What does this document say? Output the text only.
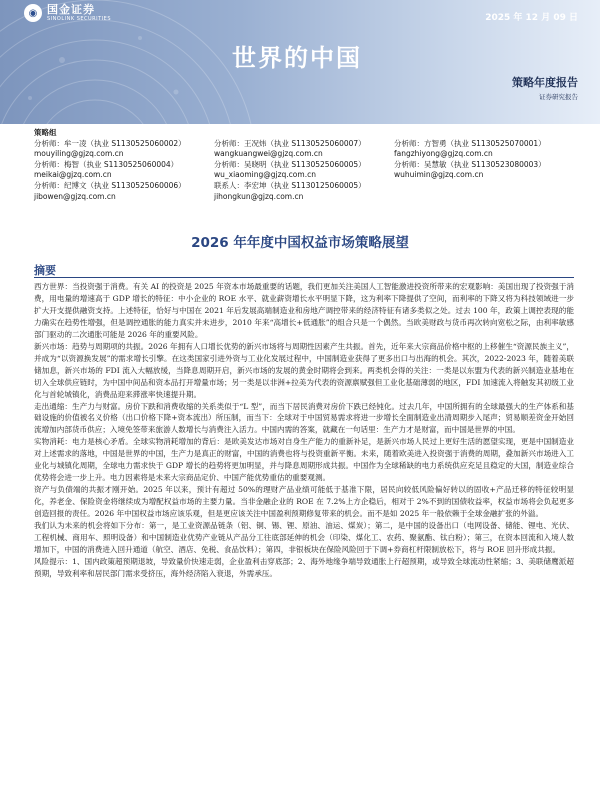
◉ 国金证券
SINOLINK SECURITIES	2025 年 12 月 09 日
世界的中国
策略年度报告
证券研究报告
策略组
分析师：牟一凌（执业 S1130525060002）
mouyiling@gjzq.com.cn
分析师：王况炜（执业 S1130525060007）
wangkuangwei@gjzq.com.cn
分析师：方智勇（执业 S1130525070001）
fangzhiyong@gjzq.com.cn
分析师：梅智（执业 S1130525060004）
meikai@gjzq.com.cn
分析师：吴晓明（执业 S1130525060005）
wu_xiaoming@gjzq.com.cn
分析师：吴慧敏（执业 S1130523080003）
wuhuimin@gjzq.com.cn
分析师：纪博文（执业 S1130525060006）
jibowen@gjzq.com.cn
联系人：李宏坤（执业 S1130125060005）
jihongkun@gjzq.com.cn
2026 年年度中国权益市场策略展望
摘要

西方世界：当投资强于消费。有关 AI 的投资是 2025 年资本市场最重要的话题，我们更加关注美国人工智能激进投资所带来的宏观影响：美国出现了投资强于消费，用电量的增速高于 GDP 增长的特征：中小企业的 ROE 水平、就业薪资增长水平明显下降，这为利率下降提供了空间，而利率的下降又将为科技领域进一步扩大开支提供融资支持。上述特征，恰好与中国在 2021 年后发展高端制造业和房地产调控带来的经济特征有诸多类似之处。过去 100 年，政策上调控表现的能力确实在趋势性增强，但是调控通胀的能力真实并未进步，2010 年来“高增长+低通胀”的组合只是一个偶然。当欧美财政与货币再次转向宽松之际，由利率敏感部门驱动的二次通胀可能是 2026 年的重要风险。

新兴市场：趋势与周期项的共振。2026 年拥有人口增长优势的新兴市场将与周期性因素产生共振。首先，近年来大宗商品价格中枢的上移催生“资源民族主义”，并成为“以资源换发展”的需求增长引擎。在这类国家引进外资与工业化发展过程中，中国制造业获得了更多出口与出海的机会。其次，2022-2023 年，随着美联储加息，新兴市场的 FDI 流入大幅放缓，当降息周期开启，新兴市场的发展的黄金时期将会到来。两类机会得的关注：一类是以东盟为代表的新兴制造业基地在切入全球供应链时，为中国中间品和资本品打开增量市场；另一类是以非洲+拉美为代表的资源禀赋强但工业化基础薄弱的地区，FDI 加速流入将触发其初级工业化与首轮城镇化，消费品迎来滞涨率快速提升期。

走出通缩：生产力与财富。房价下跌和消费收缩的关系类似于“L 型”，而当下居民消费对房价下跌已经钝化。过去几年，中国所拥有的全球最强大的生产体系和基础设施的价值被名义价格（出口价格下降+资本流出）所压制，而当下：全球对于中国贸易需求将进一步增长全面制造业出清周期步入尾声；贸易顺差资金开始回流增加内部货币供应；入境免签带来旅游人数增长与消费注入活力。中国内需的答案，就藏在一句话里：生产力才是财富，而中国是世界的中国。

实物消耗：电力是核心矛盾。全球实物消耗增加的背后：是欧美发达市场对自身生产能力的重新补足，是新兴市场人民过上更好生活的愿望实现，更是中国制造业对上述需求的落地，中国是世界的中国，生产力是真正的财富，中国的消费也将与投资重新平衡。未来，随着欧美进入投资强于消费的周期，叠加新兴市场进入工业化与城镇化周期，全球电力需求快于 GDP 增长的趋势将更加明显，并与降息周期形成共振。中国作为全球稀缺的电力系统供应充足且稳定的大国，制造业综合优势将会进一步上升。电力因素将是未来大宗商品定价、中国产能优势重估的重要观测。

资产与负债端的共振才刚开始。2025 年以来，预计有超过 50%的理财产品业绩可能低于基准下限，居民向较低风险偏好转以的固收+产品迁移的特征较明显化，养老金、保险资金将继续成为增配权益市场的主要力量。当非金融企业的 ROE 在 7.2%上方企稳后，相对于 2%不到的国债收益率，权益市场将会负起更多创造回报的责任。2026 年中国权益市场应该乐观，但是更应该关注中国盈利预期修复带来的机会。而不是如 2025 年一般依赖于全球金融扩张的外溢。

我们认为未来的机会将如下分布：第一，是工业资源品链条（铝、铜、锡、锂、原油、油运、煤炭）；第二，是中国的设备出口（电网设备、储能、锂电、光伏、工程机械、商用车、照明设备）和中国制造业优势产业链从产品分工往底部延伸的机会（印染、煤化工、农药、聚氨酯、钛白粉）；第三，在资本回流和入境人数增加下，中国的消费进入回升通道（航空、酒店、免税、食品饮料）；第四，非银板块在保险风险回于下调+券商杠杆限制放松下，将与 ROE 回升形成共振。

风险提示：1、国内政策超预期退坡，导致量价快速走弱，企业盈利击穿底部；2、海外地缘争端导致通胀上行超预期，或导致全球流动性紧缩；3、美联储鹰派超预期，导致利率和居民部门需求受挤压，海外经济陷入衰退，外需承压。
